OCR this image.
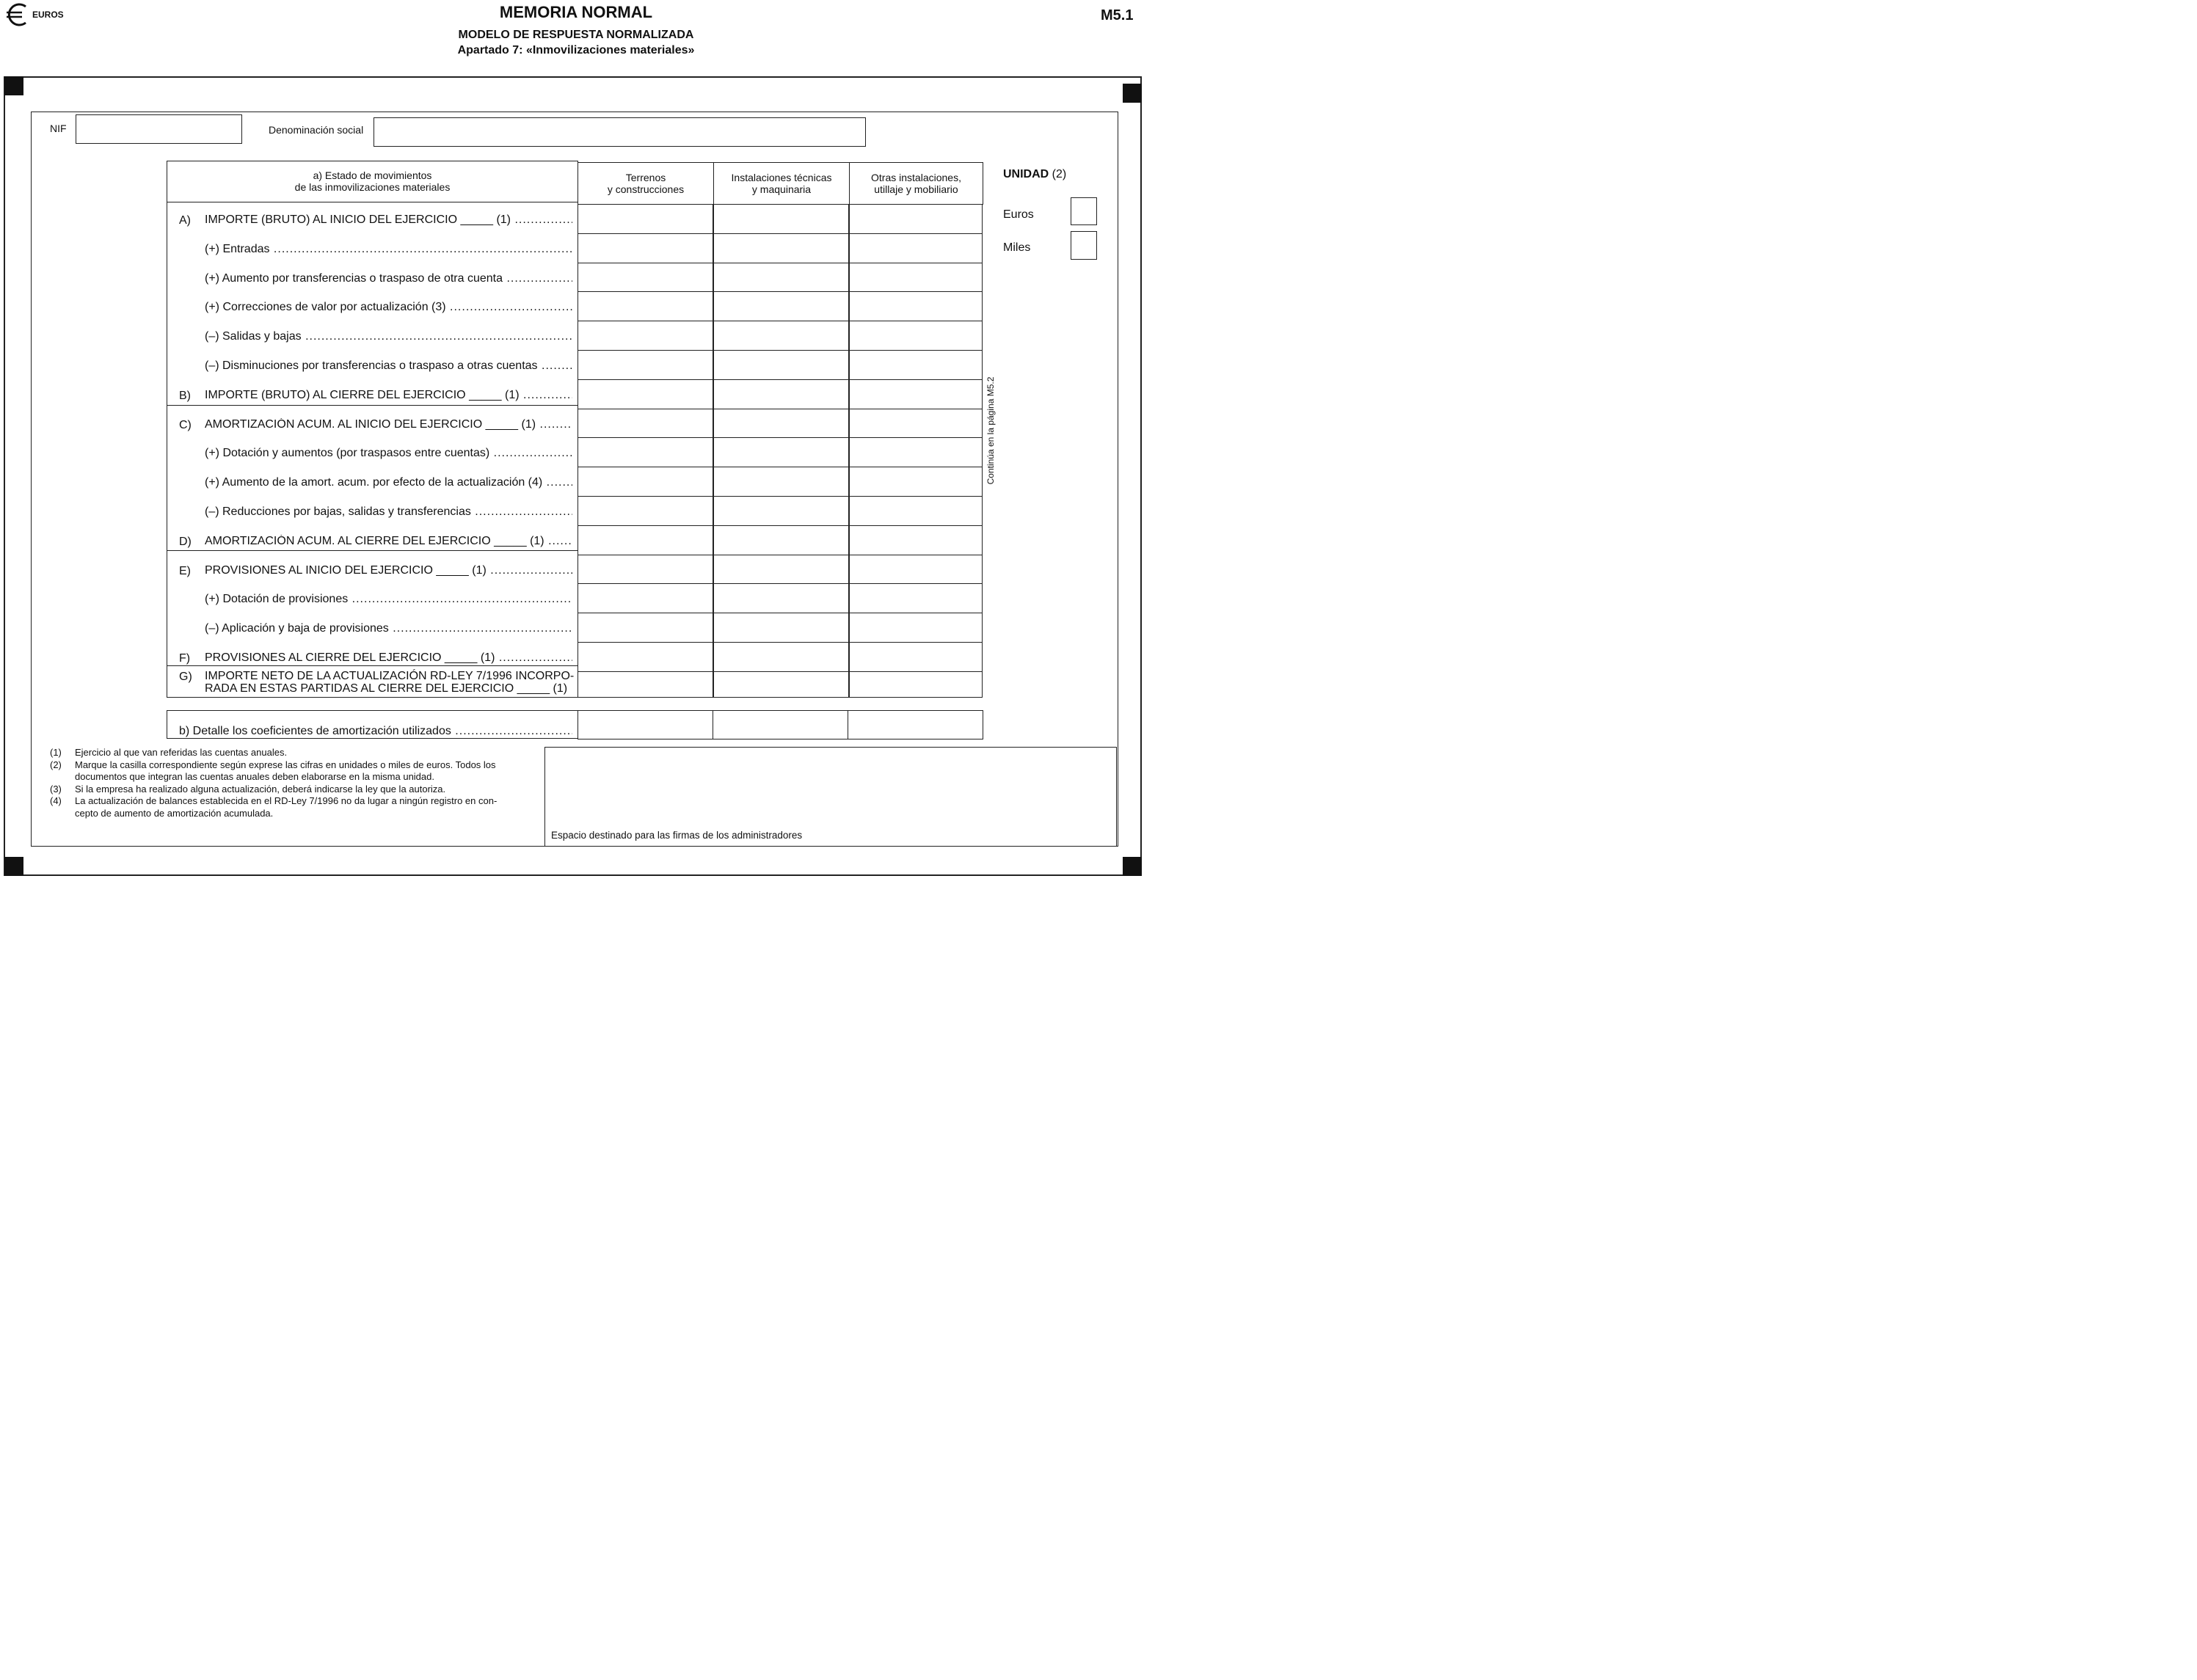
EUROS	MEMORIA NORMAL
MODELO DE RESPUESTA NORMALIZADA
Apartado 7: «Inmovilizaciones materiales»
M5.1
NIF	Denominación social
a) Estado de movimientos
de las inmovilizaciones materiales
Terrenos
y construcciones

Instalaciones técnicas
y maquinaria

Otras instalaciones,
utillaje y mobiliario
A) IMPORTE (BRUTO) AL INICIO DEL EJERCICIO _____ (1) .....
(+) Entradas .....
(+) Aumento por transferencias o traspaso de otra cuenta .....
(+) Correcciones de valor por actualización (3) .....
(–) Salidas y bajas .....
(–) Disminuciones por transferencias o traspaso a otras cuentas .....
B) IMPORTE (BRUTO) AL CIERRE DEL EJERCICIO _____ (1) .....
C) AMORTIZACIÓN ACUM. AL INICIO DEL EJERCICIO _____ (1) .....
(+) Dotación y aumentos (por traspasos entre cuentas) .....
(+) Aumento de la amort. acum. por efecto de la actualización (4) .....
(–) Reducciones por bajas, salidas y transferencias .....
D) AMORTIZACIÓN ACUM. AL CIERRE DEL EJERCICIO _____ (1) .....
E) PROVISIONES AL INICIO DEL EJERCICIO _____ (1) .....
(+) Dotación de provisiones .....
(–) Aplicación y baja de provisiones .....
F) PROVISIONES AL CIERRE DEL EJERCICIO _____ (1) .....
G) IMPORTE NETO DE LA ACTUALIZACIÓN RD-LEY 7/1996 INCORPO-
RADA EN ESTAS PARTIDAS AL CIERRE DEL EJERCICIO _____ (1)
Continúa en la página M5.2
UNIDAD (2)
Euros
Miles
b) Detalle los coeficientes de amortización utilizados .....

(1)	Ejercicio al que van referidas las cuentas anuales.
(2)	Marque la casilla correspondiente según exprese las cifras en unidades o miles de euros. Todos los
documentos que integran las cuentas anuales deben elaborarse en la misma unidad.
(3)	Si la empresa ha realizado alguna actualización, deberá indicarse la ley que la autoriza.
(4)	La actualización de balances establecida en el RD-Ley 7/1996 no da lugar a ningún registro en con-
cepto de aumento de amortización acumulada.
Espacio destinado para las firmas de los administradores
